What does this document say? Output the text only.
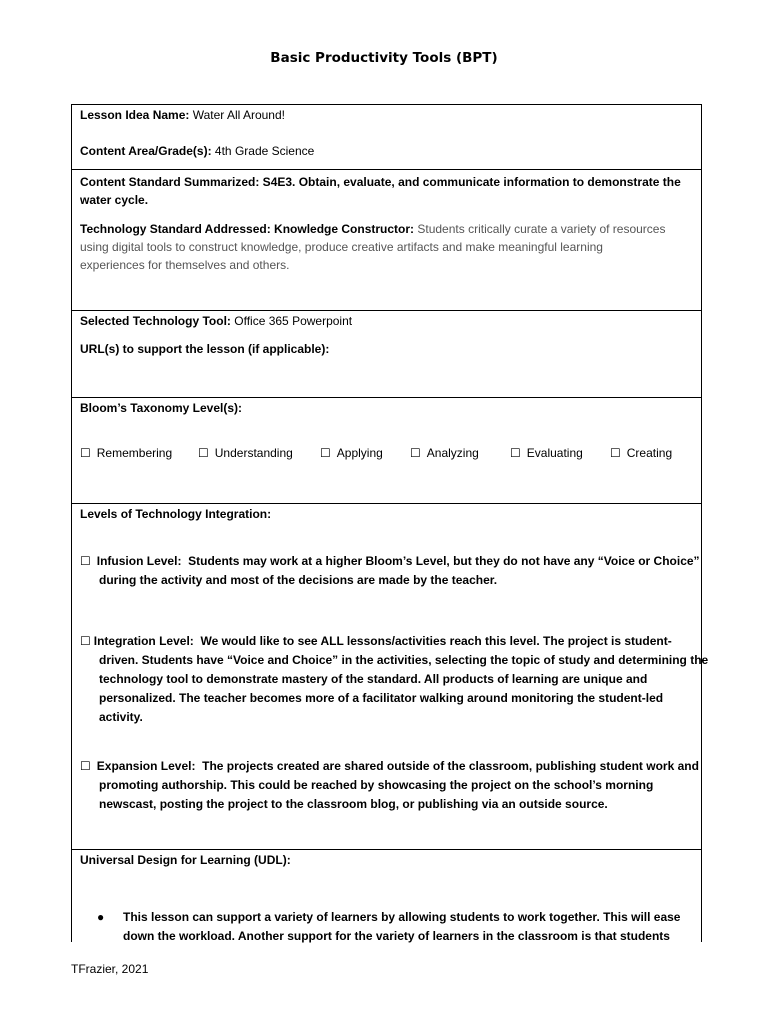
Basic Productivity Tools (BPT)
Lesson Idea Name: Water All Around!
Content Area/Grade(s): 4th Grade Science
Content Standard Summarized: S4E3. Obtain, evaluate, and communicate information to demonstrate the
water cycle.
Technology Standard Addressed: Knowledge Constructor: Students critically curate a variety of resources
using digital tools to construct knowledge, produce creative artifacts and make meaningful learning
experiences for themselves and others.
Selected Technology Tool: Office 365 Powerpoint
URL(s) to support the lesson (if applicable):
Bloom’s Taxonomy Level(s):
☐ Remembering ☐ Understanding ☐ Applying ☐ Analyzing	☐ Evaluating ☐ Creating
Levels of Technology Integration:
☐ Infusion Level: Students may work at a higher Bloom’s Level, but they do not have any “Voice or Choice”
during the activity and most of the decisions are made by the teacher.
☐ Integration Level: We would like to see ALL lessons/activities reach this level. The project is student-
driven. Students have “Voice and Choice” in the activities, selecting the topic of study and determining the
technology tool to demonstrate mastery of the standard. All products of learning are unique and
personalized. The teacher becomes more of a facilitator walking around monitoring the student-led
activity.
☐ Expansion Level: The projects created are shared outside of the classroom, publishing student work and
promoting authorship. This could be reached by showcasing the project on the school’s morning
newscast, posting the project to the classroom blog, or publishing via an outside source.
Universal Design for Learning (UDL):
●	This lesson can support a variety of learners by allowing students to work together. This will ease
down the workload. Another support for the variety of learners in the classroom is that students
TFrazier, 2021
